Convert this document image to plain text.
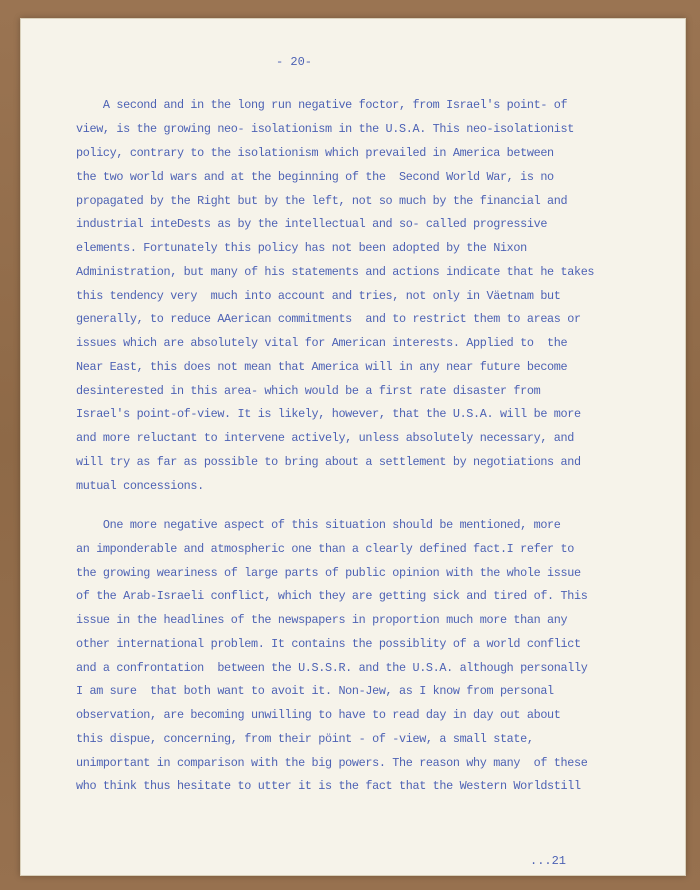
- 20-

A second and in the long run negative foctor, from Israel's point- of

view, is the growing neo- isolationism in the U.S.A. This neo-isolationist

policy, contrary to the isolationism which prevailed in America between

the two world wars and at the beginning of the  Second World War, is no

propagated by the Right but by the left, not so much by the financial and

industrial inteDests as by the intellectual and so- called progressive

elements. Fortunately this policy has not been adopted by the Nixon

Administration, but many of his statements and actions indicate that he takes

this tendency very  much into account and tries, not only in Väetnam but

generally, to reduce AAerican commitments  and to restrict them to areas or

issues which are absolutely vital for American interests. Applied to  the

Near East, this does not mean that America will in any near future become

desinterested in this area- which would be a first rate disaster from

Israel's point-of-view. It is likely, however, that the U.S.A. will be more

and more reluctant to intervene actively, unless absolutely necessary, and

will try as far as possible to bring about a settlement by negotiations and

mutual concessions.

One more negative aspect of this situation should be mentioned, more

an imponderable and atmospheric one than a clearly defined fact.I refer to

the growing weariness of large parts of public opinion with the whole issue

of the Arab-Israeli conflict, which they are getting sick and tired of. This

issue in the headlines of the newspapers in proportion much more than any

other international problem. It contains the possiblity of a world conflict

and a confrontation  between the U.S.S.R. and the U.S.A. although personally

I am sure  that both want to avoit it. Non-Jew, as I know from personal

observation, are becoming unwilling to have to read day in day out about

this dispue, concerning, from their pöint - of -view, a small state,

unimportant in comparison with the big powers. The reason why many  of these

who think thus hesitate to utter it is the fact that the Western Worldstill

...21
